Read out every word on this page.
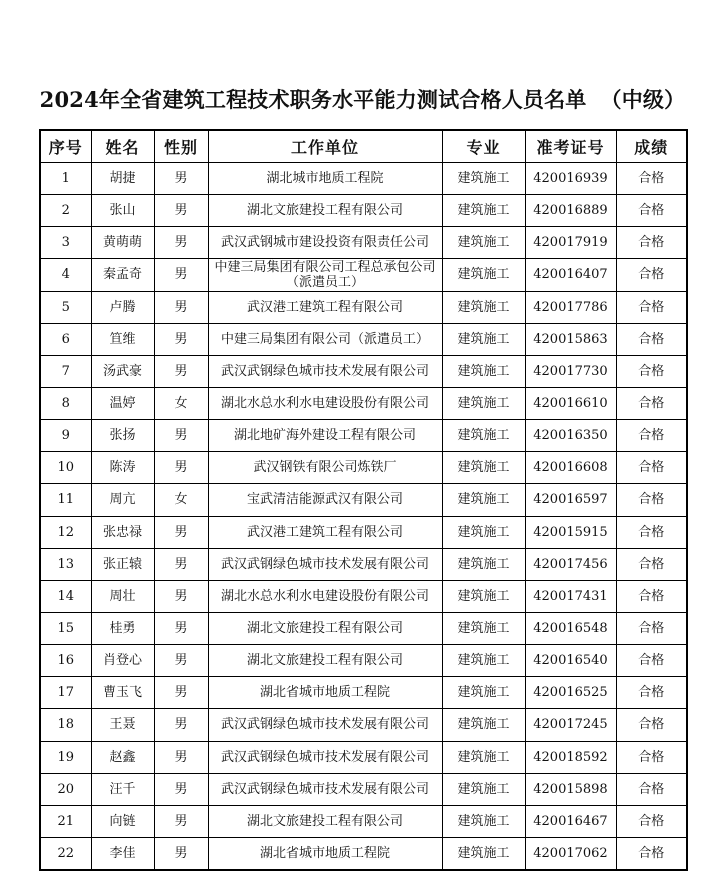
2024年全省建筑工程技术职务水平能力测试合格人员名单 （中级）
序号	姓名	性别	工作单位	专业	准考证号	成绩
1	胡捷	男	湖北城市地质工程院	建筑施工	420016939	合格
2	张山	男	湖北文旅建投工程有限公司	建筑施工	420016889	合格
3	黄萌萌	男	武汉武钢城市建设投资有限责任公司	建筑施工	420017919	合格
4	秦孟奇	男	中建三局集团有限公司工程总承包公司
（派遣员工）	建筑施工	420016407	合格
5	卢腾	男	武汉港工建筑工程有限公司	建筑施工	420017786	合格
6	笪维	男	中建三局集团有限公司（派遣员工）	建筑施工	420015863	合格
7	汤武豪	男	武汉武钢绿色城市技术发展有限公司	建筑施工	420017730	合格
8	温婷	女	湖北水总水利水电建设股份有限公司	建筑施工	420016610	合格
9	张扬	男	湖北地矿海外建设工程有限公司	建筑施工	420016350	合格
10	陈涛	男	武汉钢铁有限公司炼铁厂	建筑施工	420016608	合格
11	周亢	女	宝武清洁能源武汉有限公司	建筑施工	420016597	合格
12	张忠禄	男	武汉港工建筑工程有限公司	建筑施工	420015915	合格
13	张正辕	男	武汉武钢绿色城市技术发展有限公司	建筑施工	420017456	合格
14	周壮	男	湖北水总水利水电建设股份有限公司	建筑施工	420017431	合格
15	桂勇	男	湖北文旅建投工程有限公司	建筑施工	420016548	合格
16	肖登心	男	湖北文旅建投工程有限公司	建筑施工	420016540	合格
17	曹玉飞	男	湖北省城市地质工程院	建筑施工	420016525	合格
18	王聂	男	武汉武钢绿色城市技术发展有限公司	建筑施工	420017245	合格
19	赵鑫	男	武汉武钢绿色城市技术发展有限公司	建筑施工	420018592	合格
20	汪千	男	武汉武钢绿色城市技术发展有限公司	建筑施工	420015898	合格
21	向链	男	湖北文旅建投工程有限公司	建筑施工	420016467	合格
22	李佳	男	湖北省城市地质工程院	建筑施工	420017062	合格
